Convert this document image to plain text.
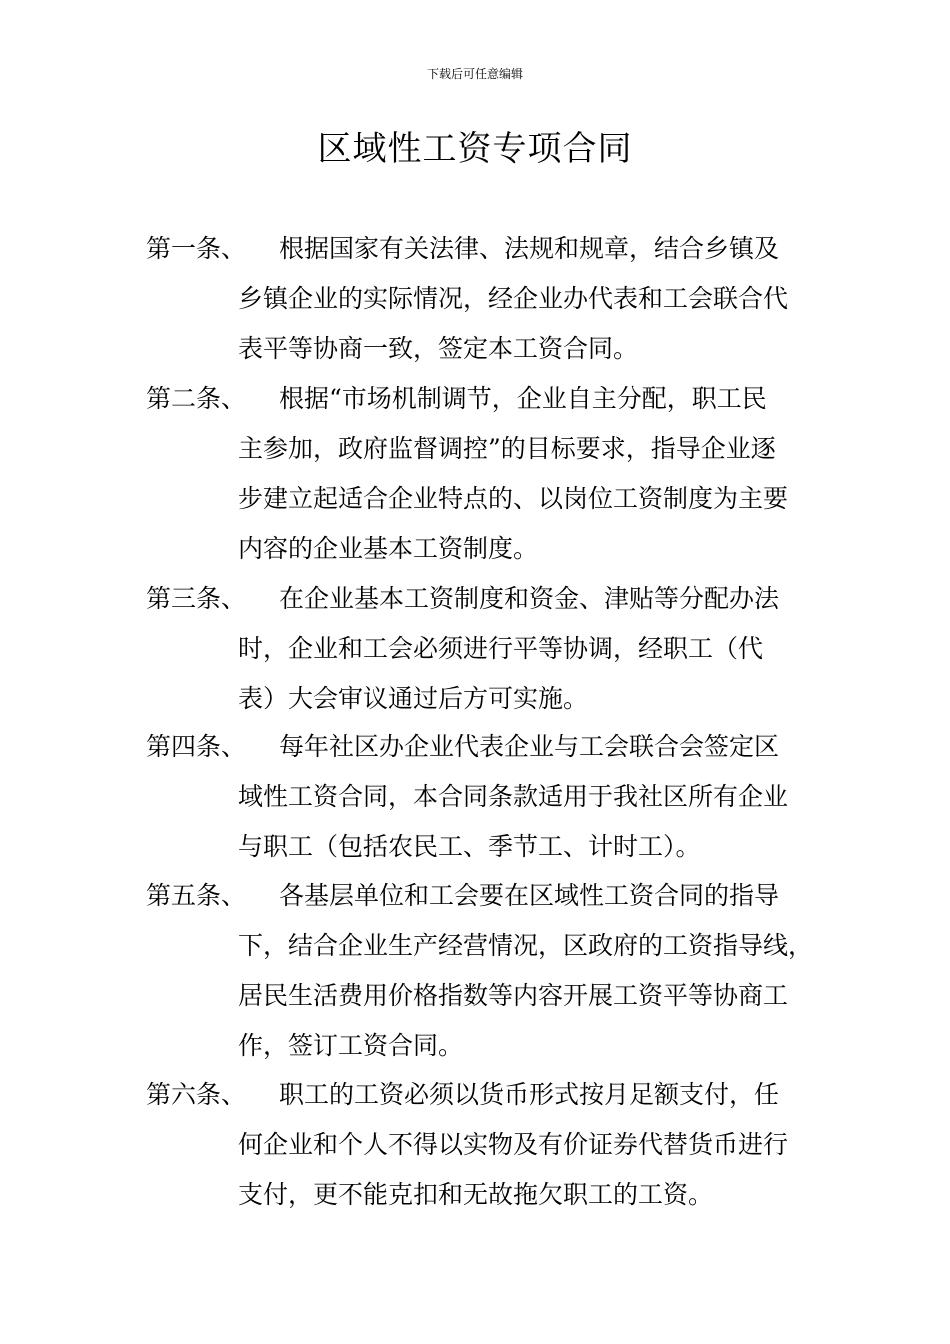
下载后可任意编辑
区域性工资专项合同
第一条、 根据国家有关法律、法规和规章，结合乡镇及
乡镇企业的实际情况，经企业办代表和工会联合代
表平等协商一致，签定本工资合同。
第二条、 根据“市场机制调节，企业自主分配，职工民
主参加，政府监督调控”的目标要求，指导企业逐
步建立起适合企业特点的、以岗位工资制度为主要
内容的企业基本工资制度。
第三条、 在企业基本工资制度和资金、津贴等分配办法
时，企业和工会必须进行平等协调，经职工（代
表）大会审议通过后方可实施。
第四条、 每年社区办企业代表企业与工会联合会签定区
域性工资合同，本合同条款适用于我社区所有企业
与职工（包括农民工、季节工、计时工）。
第五条、 各基层单位和工会要在区域性工资合同的指导
下，结合企业生产经营情况，区政府的工资指导线，
居民生活费用价格指数等内容开展工资平等协商工
作，签订工资合同。
第六条、 职工的工资必须以货币形式按月足额支付，任
何企业和个人不得以实物及有价证券代替货币进行
支付，更不能克扣和无故拖欠职工的工资。
